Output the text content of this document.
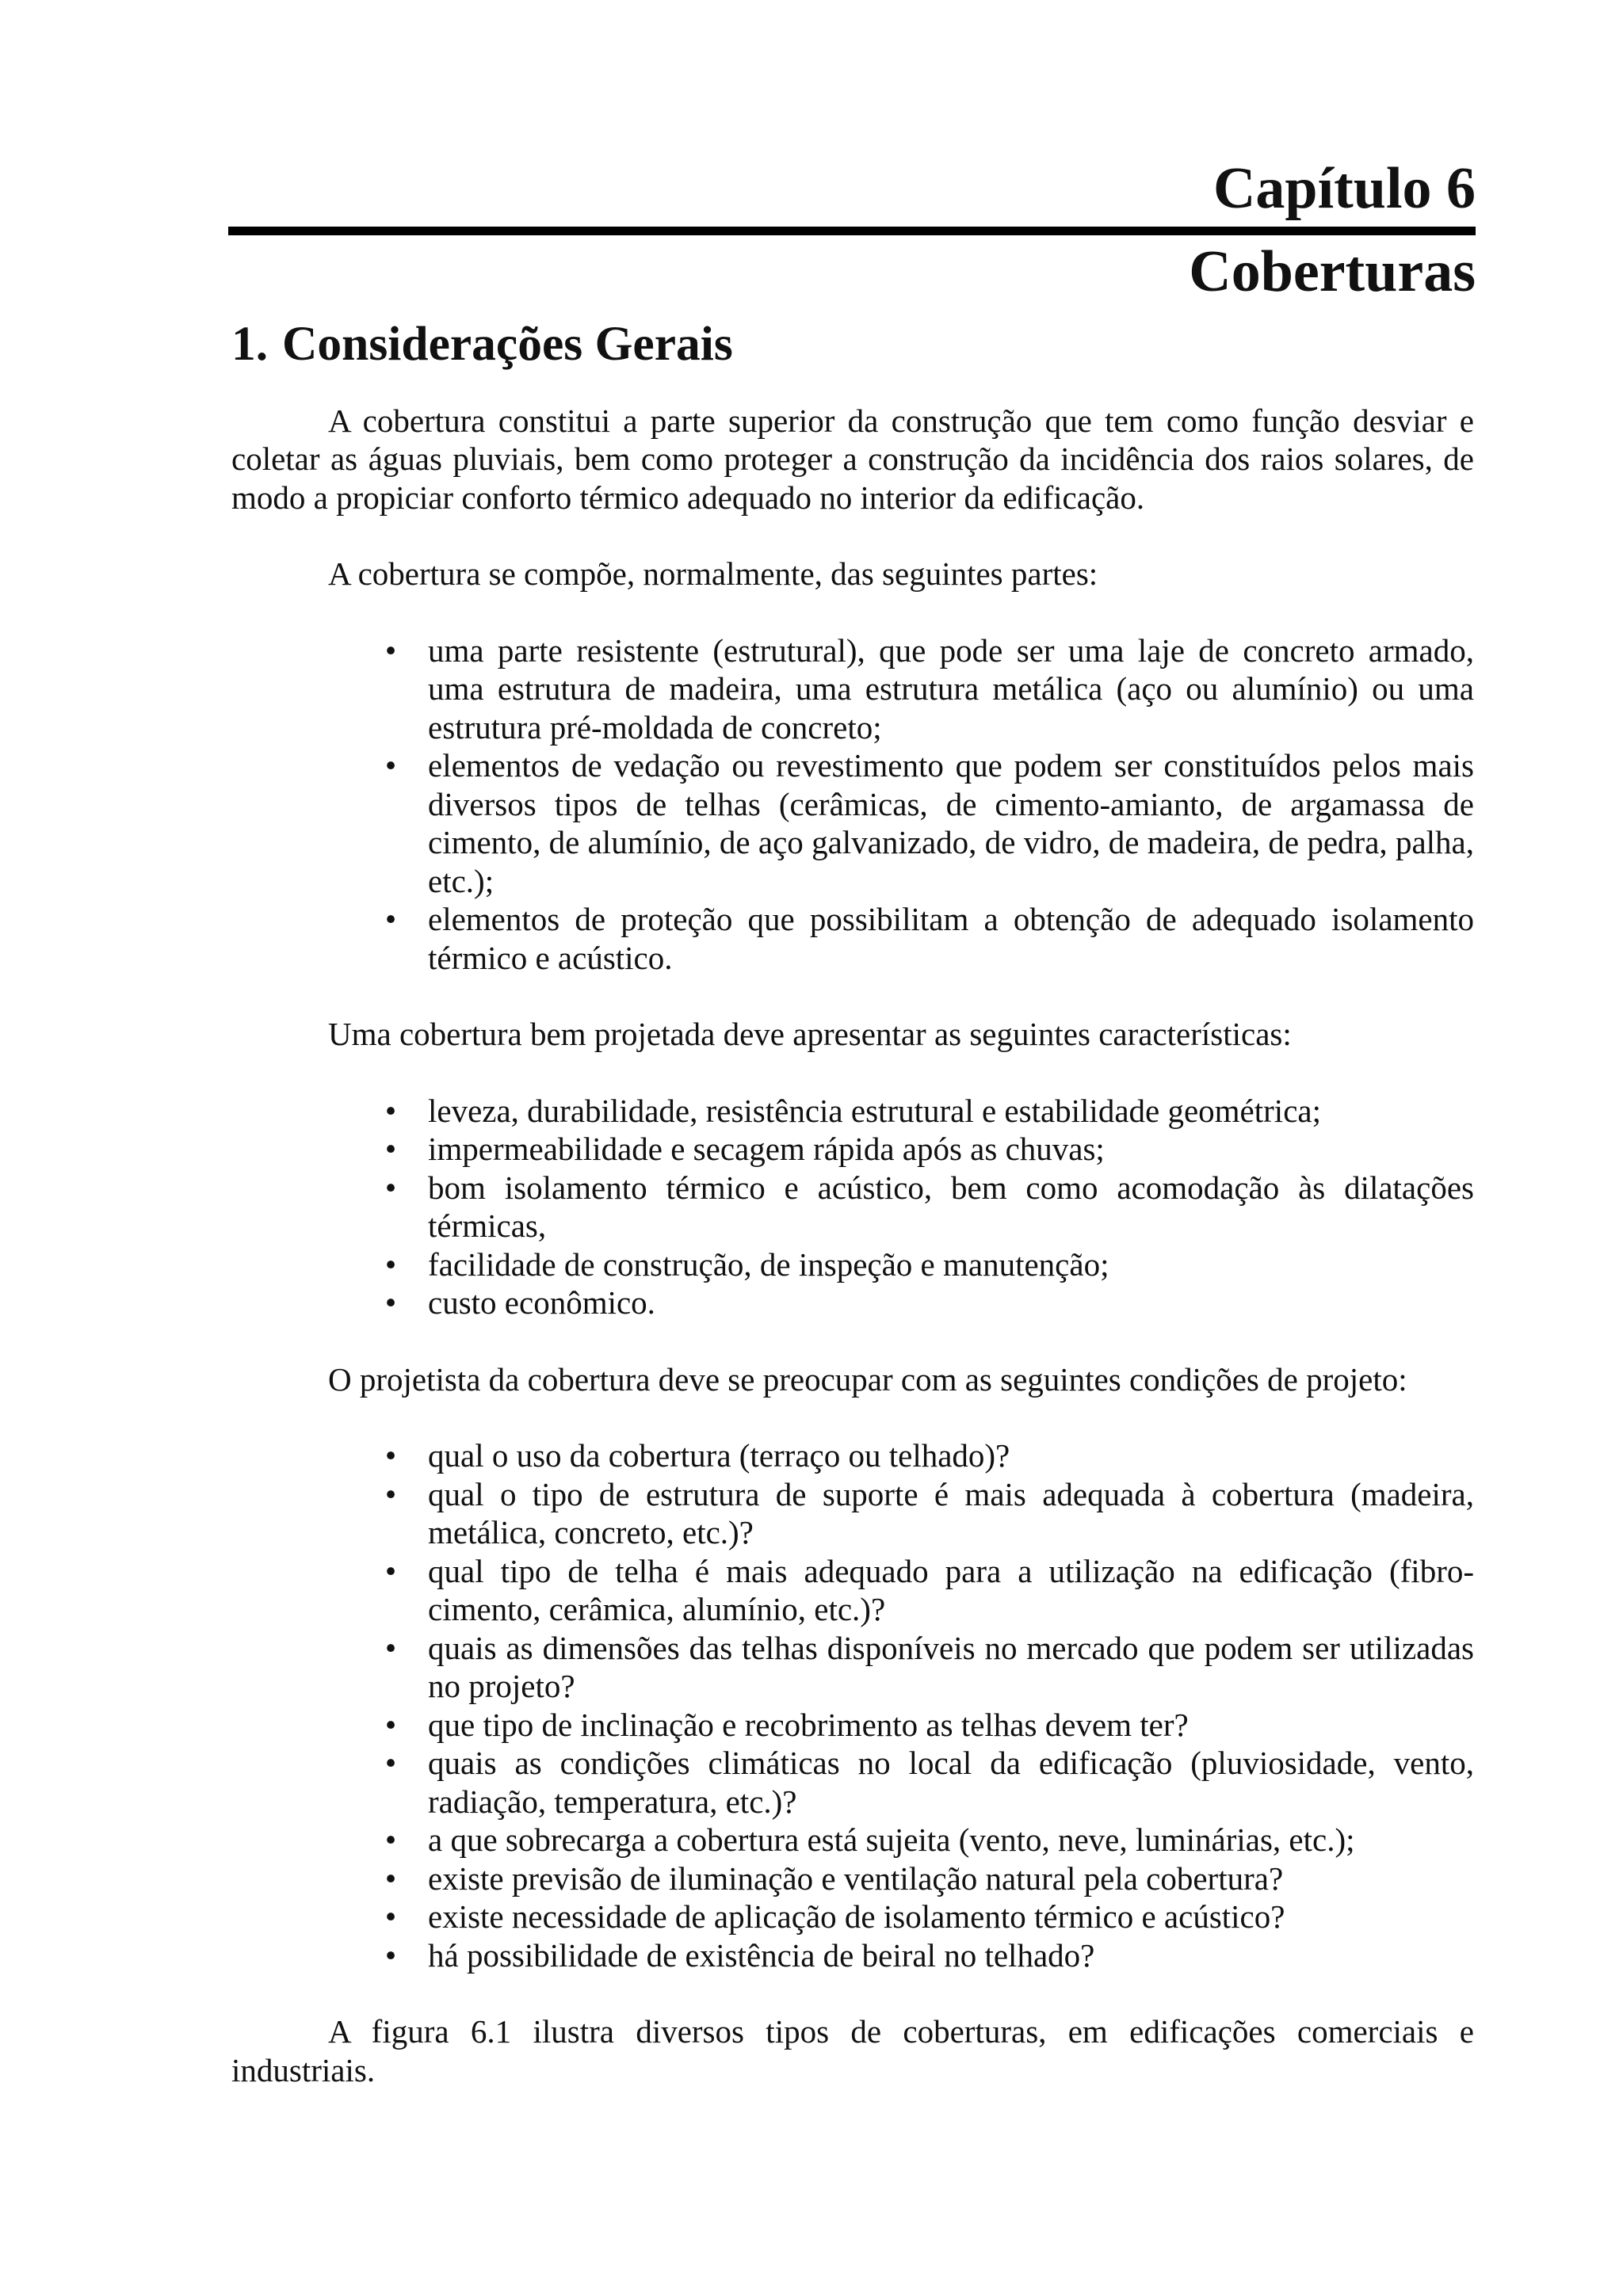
Capítulo 6
Coberturas
1. Considerações Gerais

A cobertura constitui a parte superior da construção que tem como função desviar e coletar as águas pluviais, bem como proteger a construção da incidência dos raios solares, de modo a propiciar conforto térmico adequado no interior da edificação.

A cobertura se compõe, normalmente, das seguintes partes:

• uma parte resistente (estrutural), que pode ser uma laje de concreto armado, uma estrutura de madeira, uma estrutura metálica (aço ou alumínio) ou uma estrutura pré-moldada de concreto;
• elementos de vedação ou revestimento que podem ser constituídos pelos mais diversos tipos de telhas (cerâmicas, de cimento-amianto, de argamassa de cimento, de alumínio, de aço galvanizado, de vidro, de madeira, de pedra, palha, etc.);
• elementos de proteção que possibilitam a obtenção de adequado isolamento térmico e acústico.

Uma cobertura bem projetada deve apresentar as seguintes características:

• leveza, durabilidade, resistência estrutural e estabilidade geométrica;
• impermeabilidade e secagem rápida após as chuvas;
• bom isolamento térmico e acústico, bem como acomodação às dilatações térmicas,
• facilidade de construção, de inspeção e manutenção;
• custo econômico.

O projetista da cobertura deve se preocupar com as seguintes condições de projeto:

• qual o uso da cobertura (terraço ou telhado)?
• qual o tipo de estrutura de suporte é mais adequada à cobertura (madeira, metálica, concreto, etc.)?
• qual tipo de telha é mais adequado para a utilização na edificação (fibro-cimento, cerâmica, alumínio, etc.)?
• quais as dimensões das telhas disponíveis no mercado que podem ser utilizadas no projeto?
• que tipo de inclinação e recobrimento as telhas devem ter?
• quais as condições climáticas no local da edificação (pluviosidade, vento, radiação, temperatura, etc.)?
• a que sobrecarga a cobertura está sujeita (vento, neve, luminárias, etc.);
• existe previsão de iluminação e ventilação natural pela cobertura?
• existe necessidade de aplicação de isolamento térmico e acústico?
• há possibilidade de existência de beiral no telhado?

A figura 6.1 ilustra diversos tipos de coberturas, em edificações comerciais e industriais.
